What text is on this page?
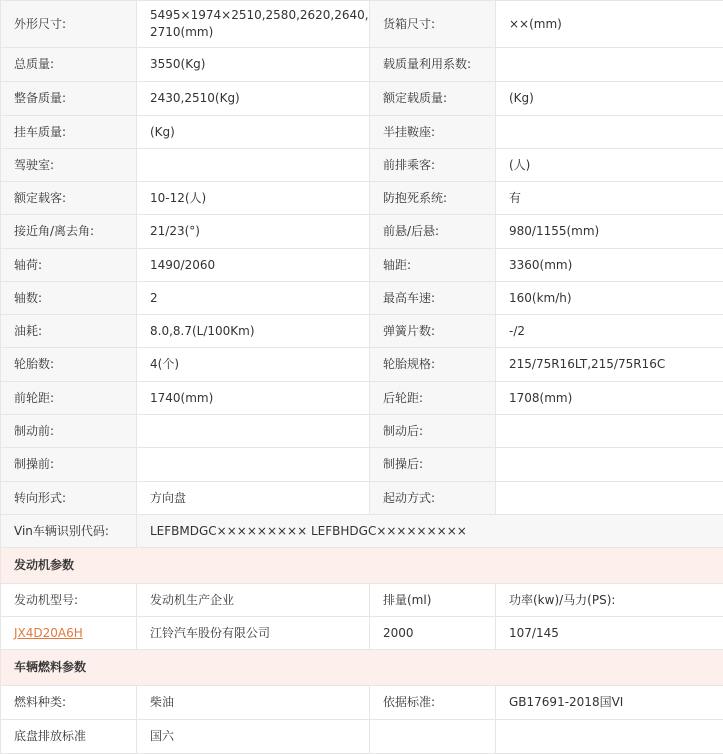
外形尺寸:	5495×1974×2510,2580,2620,2640,2710(mm)	货箱尺寸:	××(mm)
总质量:	3550(Kg)	载质量利用系数:	
整备质量:	2430,2510(Kg)	额定载质量:	(Kg)
挂车质量:	(Kg)	半挂鞍座:	
驾驶室:		前排乘客:	(人)
额定载客:	10-12(人)	防抱死系统:	有
接近角/离去角:	21/23(°)	前悬/后悬:	980/1155(mm)
轴荷:	1490/2060	轴距:	3360(mm)
轴数:	2	最高车速:	160(km/h)
油耗:	8.0,8.7(L/100Km)	弹簧片数:	-/2
轮胎数:	4(个)	轮胎规格:	215/75R16LT,215/75R16C
前轮距:	1740(mm)	后轮距:	1708(mm)
制动前:		制动后:	
制操前:		制操后:	
转向形式:	方向盘	起动方式:	
Vin车辆识别代码:	LEFBMDGC××××××××× LEFBHDGC×××××××××		
发动机参数			
发动机型号:	发动机生产企业	排量(ml)	功率(kw)/马力(PS):
JX4D20A6H	江铃汽车股份有限公司	2000	107/145
车辆燃料参数			
燃料种类:	柴油	依据标准:	GB17691-2018国VI
底盘排放标准	国六		
